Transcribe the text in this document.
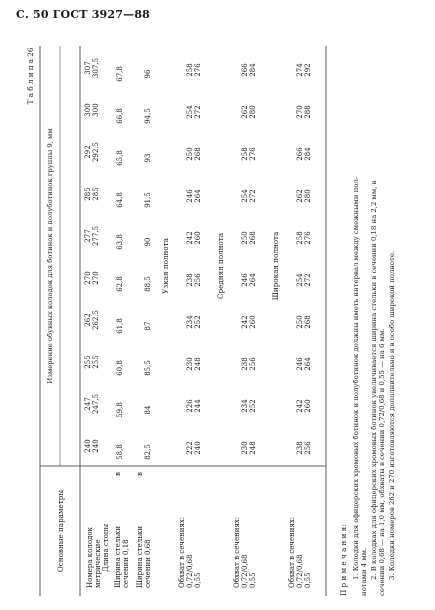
С. 50 ГОСТ 3927—88
Основные параметры
Измерение обувных колодок для ботинок и полуботинок группы 9, мм
Т а б л и ц а 26
Номера колодок метрические Длина стопы Ширина стельки
в
сечении 0,18 Ширина стельки
в
сечении 0,68
240 240
247 247,5
255 255
262 262,5
270 270
277 277,5
285 285
292 292,5
300 300
307 307,5
58,8
59,8
60,8
61,8
62,8
63,8
64,8
65,8
66,8
67,8
82,5
84
85,5
87
88,5
90
91,5
93
94,5
96
Узкая полнота
Обхват в сечениях: 0,72/0,68 0,55
222
226
230
234
238
242
246
250
254
258
240
244
248
252
256
260
264
268
272
276
Средняя полнота
Обхват в сечениях: 0,72/0,68 0,55
230
234
238
242
246
250
254
258
262
266
248
252
256
260
264
268
272
276
280
284
Широкая полнота
Обхват в сечениях: 0,72/0,68 0,55
238
242
246
250
254
258
262
266
270
274
256
260
264
268
272
276
280
284
288
292
П р и м е ч а н и я: 1. Колодки для офицерских хромовых ботинок и полуботинок должны иметь интервал между смежными пол- нотами 4 мм. 2. В колодках для офицерских хромовых ботинок увеличивается ширина стельки в сечении 0,18 на 2,2 мм, в сечении 0,68 — на 1,0 мм, обхваты в сечении 0,72/0,68 и 0,55 — на 6 мм. 3. Колодки номеров 262 и 270 изготовляются дополнительно и в особо широкой полноте.
